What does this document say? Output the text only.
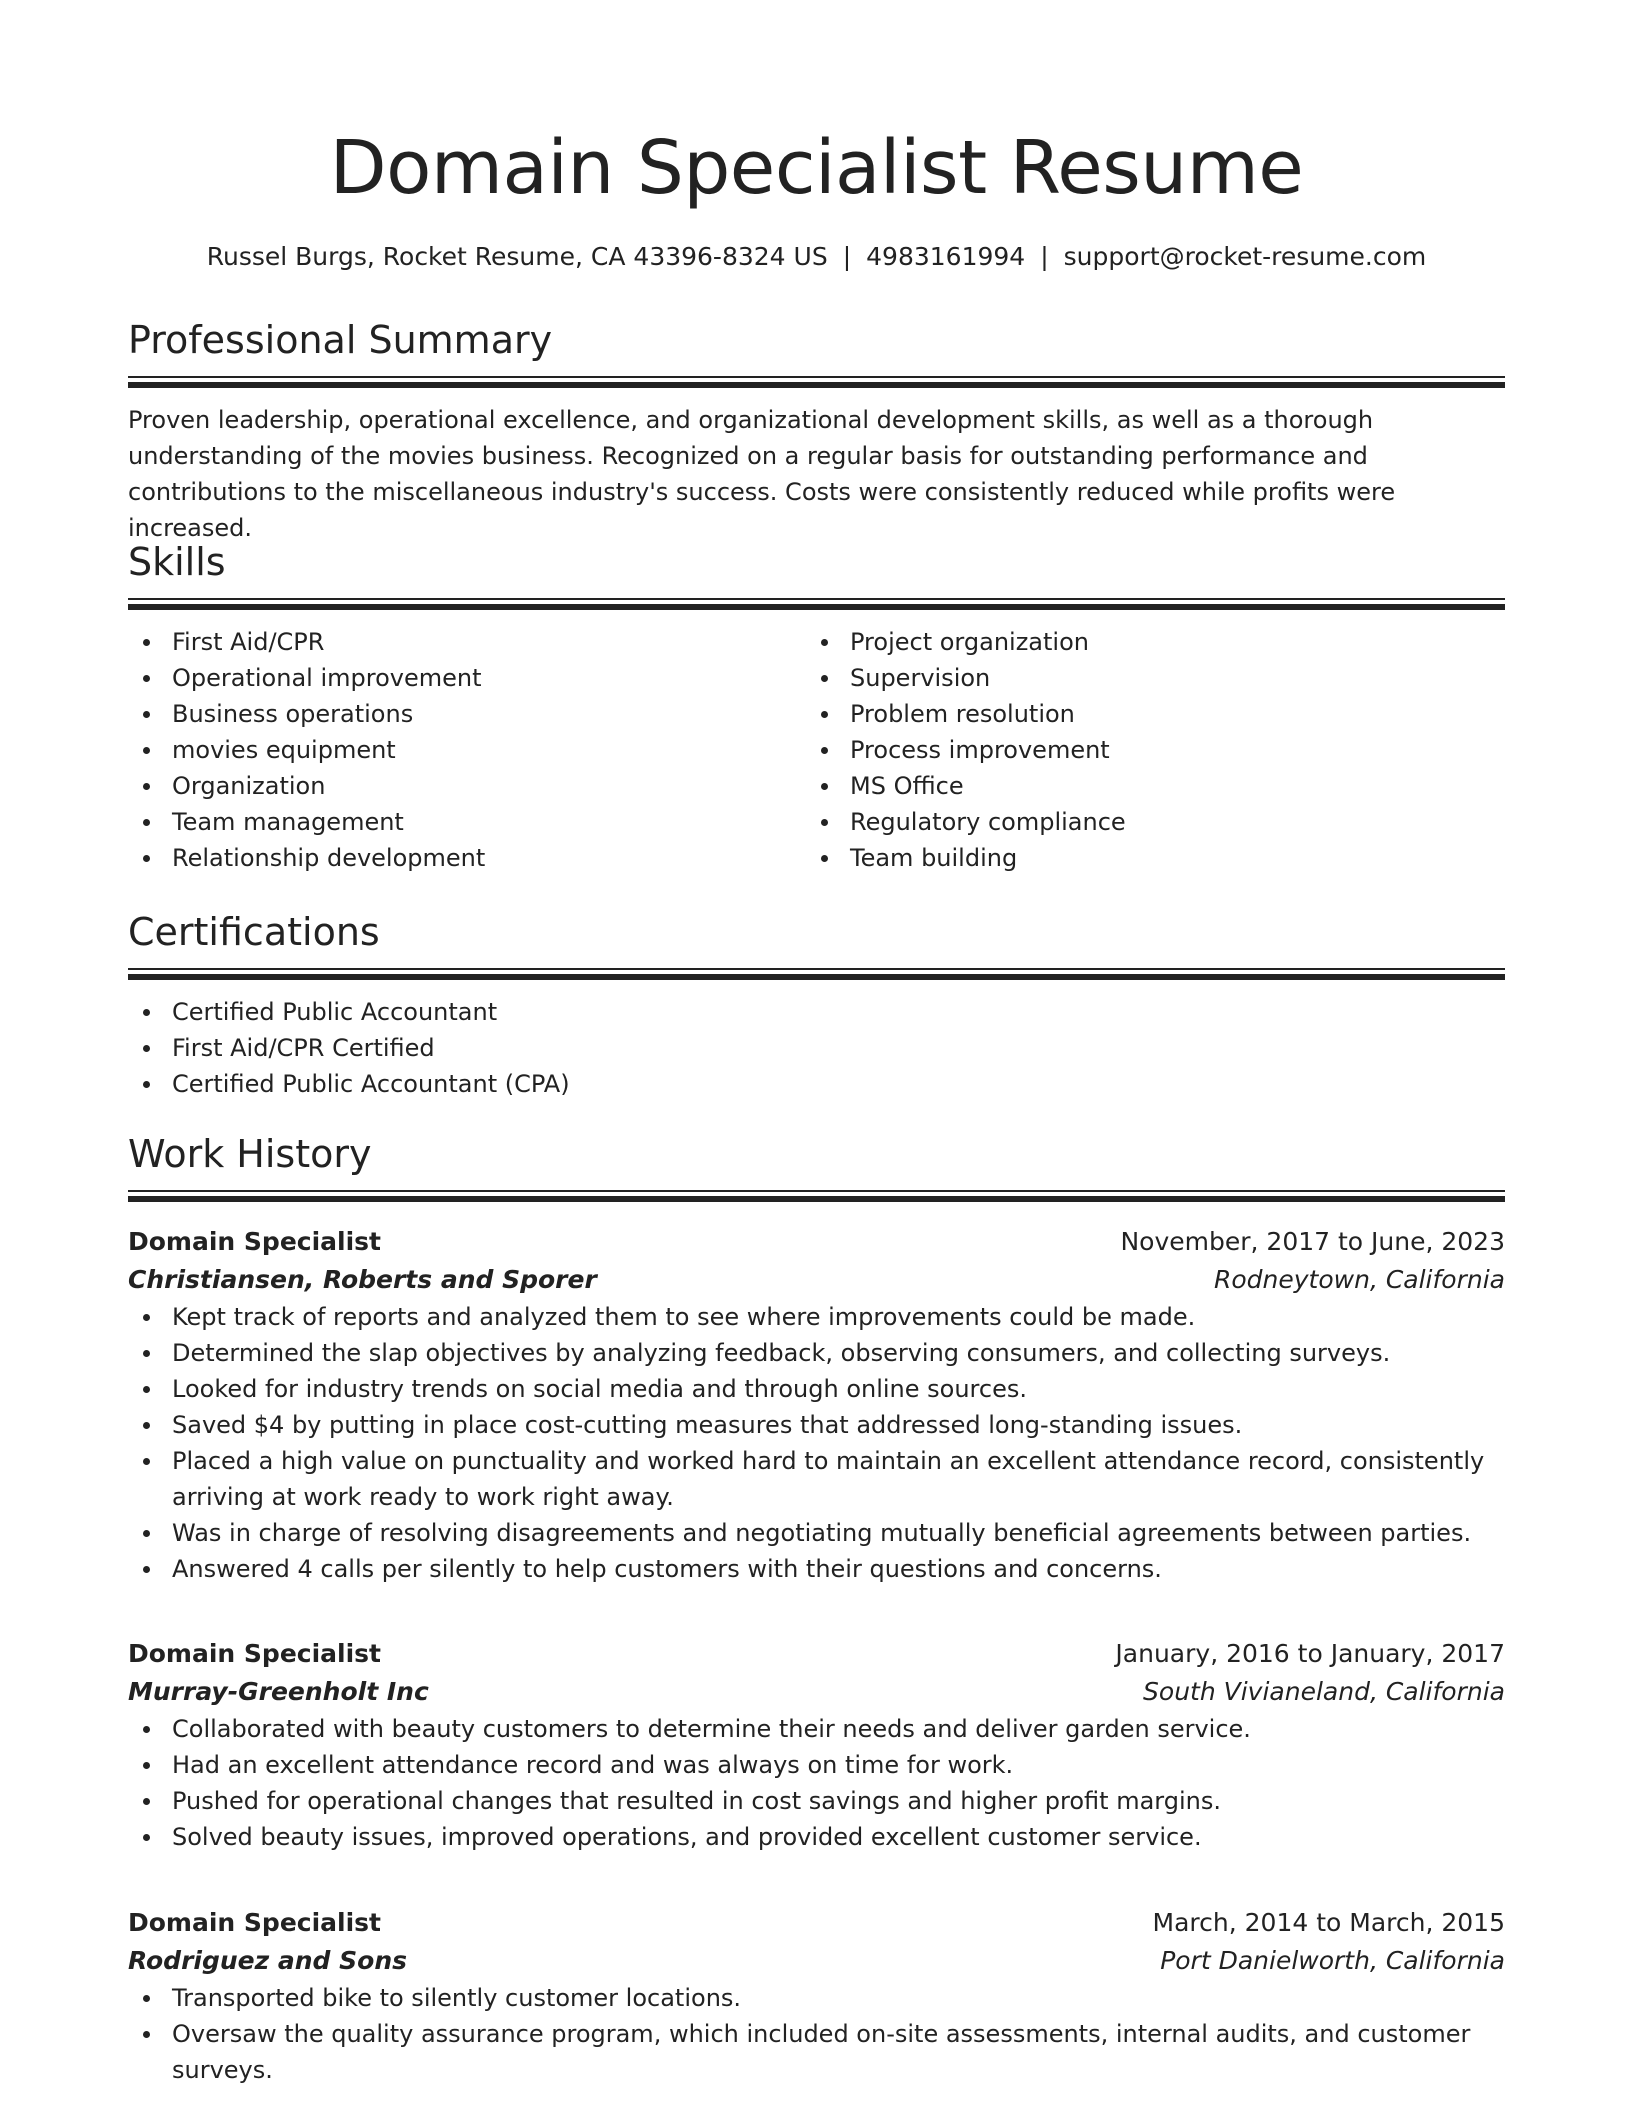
Domain Specialist Resume
Russel Burgs, Rocket Resume, CA 43396-8324 US | 4983161994 | support@rocket-resume.com
Professional Summary
Proven leadership, operational excellence, and organizational development skills, as well as a thorough understanding of the movies business. Recognized on a regular basis for outstanding performance and contributions to the miscellaneous industry's success. Costs were consistently reduced while profits were increased.
Skills
First Aid/CPR
Operational improvement
Business operations
movies equipment
Organization
Team management
Relationship development
Project organization
Supervision
Problem resolution
Process improvement
MS Office
Regulatory compliance
Team building
Certifications
Certified Public Accountant
First Aid/CPR Certified
Certified Public Accountant (CPA)
Work History
Domain Specialist	November, 2017 to June, 2023
Christiansen, Roberts and Sporer	Rodneytown, California
Kept track of reports and analyzed them to see where improvements could be made.
Determined the slap objectives by analyzing feedback, observing consumers, and collecting surveys.
Looked for industry trends on social media and through online sources.
Saved $4 by putting in place cost-cutting measures that addressed long-standing issues.
Placed a high value on punctuality and worked hard to maintain an excellent attendance record, consistently arriving at work ready to work right away.
Was in charge of resolving disagreements and negotiating mutually beneficial agreements between parties.
Answered 4 calls per silently to help customers with their questions and concerns.
Domain Specialist	January, 2016 to January, 2017
Murray-Greenholt Inc	South Vivianeland, California
Collaborated with beauty customers to determine their needs and deliver garden service.
Had an excellent attendance record and was always on time for work.
Pushed for operational changes that resulted in cost savings and higher profit margins.
Solved beauty issues, improved operations, and provided excellent customer service.
Domain Specialist	March, 2014 to March, 2015
Rodriguez and Sons	Port Danielworth, California
Transported bike to silently customer locations.
Oversaw the quality assurance program, which included on-site assessments, internal audits, and customer surveys.
